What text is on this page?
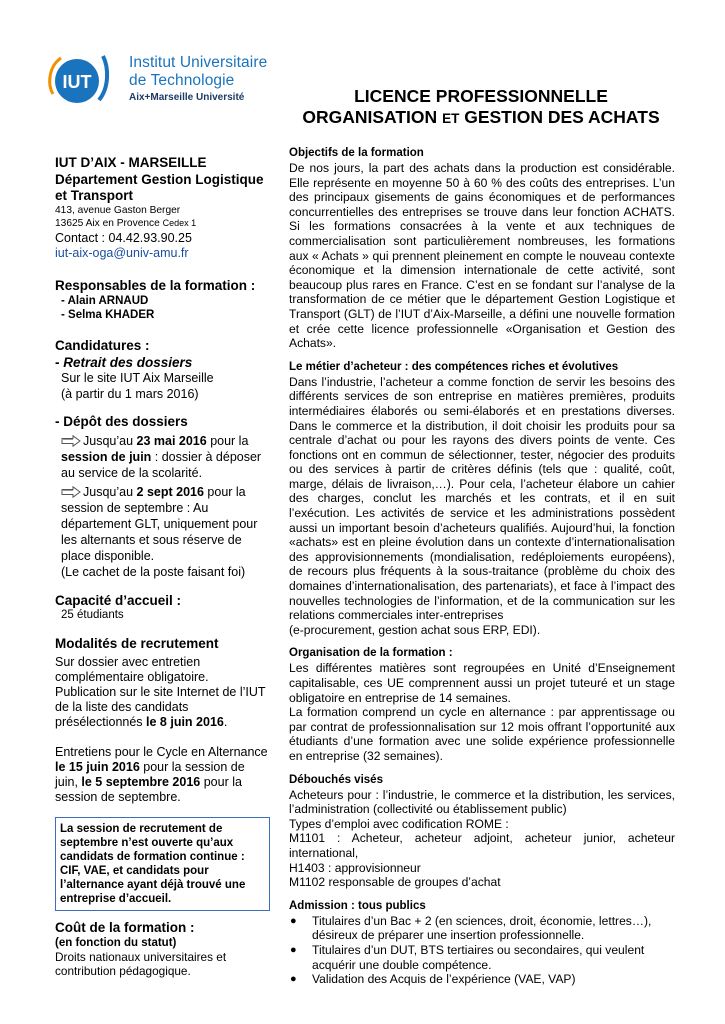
IUT
Institut Universitaire
de Technologie
Aix+Marseille Université	LICENCE PROFESSIONNELLE
ORGANISATION ET GESTION DES ACHATS
IUT D’AIX - MARSEILLE
Département Gestion Logistique et Transport
413, avenue Gaston Berger
13625 Aix en Provence Cedex 1
Contact : 04.42.93.90.25
iut-aix-oga@univ-amu.fr
Responsables de la formation :
- Alain ARNAUD
- Selma KHADER
Candidatures :
- Retrait des dossiers
Sur le site IUT Aix Marseille
(à partir du 1 mars 2016)
- Dépôt des dossiers
Jusqu’au 23 mai 2016 pour la
session de juin : dossier à déposer au service de la scolarité.
Jusqu’au 2 sept 2016 pour la session de septembre : Au département GLT, uniquement pour les alternants et sous réserve de place disponible.
(Le cachet de la poste faisant foi)
Capacité d’accueil :
25 étudiants
Modalités de recrutement
Sur dossier avec entretien complémentaire obligatoire. Publication sur le site Internet de l’IUT de la liste des candidats présélectionnés le 8 juin 2016.
Entretiens pour le Cycle en Alternance le 15 juin 2016 pour la session de juin, le 5 septembre 2016 pour la session de septembre.
La session de recrutement de septembre n’est ouverte qu’aux candidats de formation continue : CIF, VAE, et candidats pour l’alternance ayant déjà trouvé une entreprise d’accueil.
Coût de la formation :
(en fonction du statut)
Droits nationaux universitaires et contribution pédagogique.
Objectifs de la formation
De nos jours, la part des achats dans la production est considérable. Elle représente en moyenne 50 à 60 % des coûts des entreprises. L’un des principaux gisements de gains économiques et de performances concurrentielles des entreprises se trouve dans leur fonction ACHATS. Si les formations consacrées à la vente et aux techniques de commercialisation sont particulièrement nombreuses, les formations aux « Achats » qui prennent pleinement en compte le nouveau contexte économique et la dimension internationale de cette activité, sont beaucoup plus rares en France. C’est en se fondant sur l’analyse de la transformation de ce métier que le département Gestion Logistique et Transport (GLT) de l’IUT d’Aix-Marseille, a défini une nouvelle formation et crée cette licence professionnelle «Organisation et Gestion des Achats».
Le métier d’acheteur : des compétences riches et évolutives
Dans l’industrie, l’acheteur a comme fonction de servir les besoins des différents services de son entreprise en matières premières, produits intermédiaires élaborés ou semi-élaborés et en prestations diverses. Dans le commerce et la distribution, il doit choisir les produits pour sa centrale d’achat ou pour les rayons des divers points de vente. Ces fonctions ont en commun de sélectionner, tester, négocier des produits ou des services à partir de critères définis (tels que : qualité, coût, marge, délais de livraison,…). Pour cela, l’acheteur élabore un cahier des charges, conclut les marchés et les contrats, et il en suit l’exécution. Les activités de service et les administrations possèdent aussi un important besoin d’acheteurs qualifiés. Aujourd’hui, la fonction «achats» est en pleine évolution dans un contexte d’internationalisation des approvisionnements (mondialisation, redéploiements européens), de recours plus fréquents à la sous-traitance (problème du choix des domaines d’internationalisation, des partenariats), et face à l’impact des nouvelles technologies de l’information, et de la communication sur les relations commerciales inter-entreprises
(e-procurement, gestion achat sous ERP, EDI).
Organisation de la formation :
Les différentes matières sont regroupées en Unité d’Enseignement capitalisable, ces UE comprennent aussi un projet tuteuré et un stage obligatoire en entreprise de 14 semaines.
La formation comprend un cycle en alternance : par apprentissage ou par contrat de professionnalisation sur 12 mois offrant l’opportunité aux étudiants d’une formation avec une solide expérience professionnelle en entreprise (32 semaines).
Débouchés visés
Acheteurs pour : l’industrie, le commerce et la distribution, les services, l’administration (collectivité ou établissement public)
Types d’emploi avec codification ROME :
M1101 : Acheteur, acheteur adjoint, acheteur junior, acheteur international,
H1403 : approvisionneur
M1102 responsable de groupes d’achat
Admission : tous publics
● Titulaires d’un Bac + 2 (en sciences, droit, économie, lettres…), désireux de préparer une insertion professionnelle.
● Titulaires d’un DUT, BTS tertiaires ou secondaires, qui veulent acquérir une double compétence.
● Validation des Acquis de l’expérience (VAE, VAP)
